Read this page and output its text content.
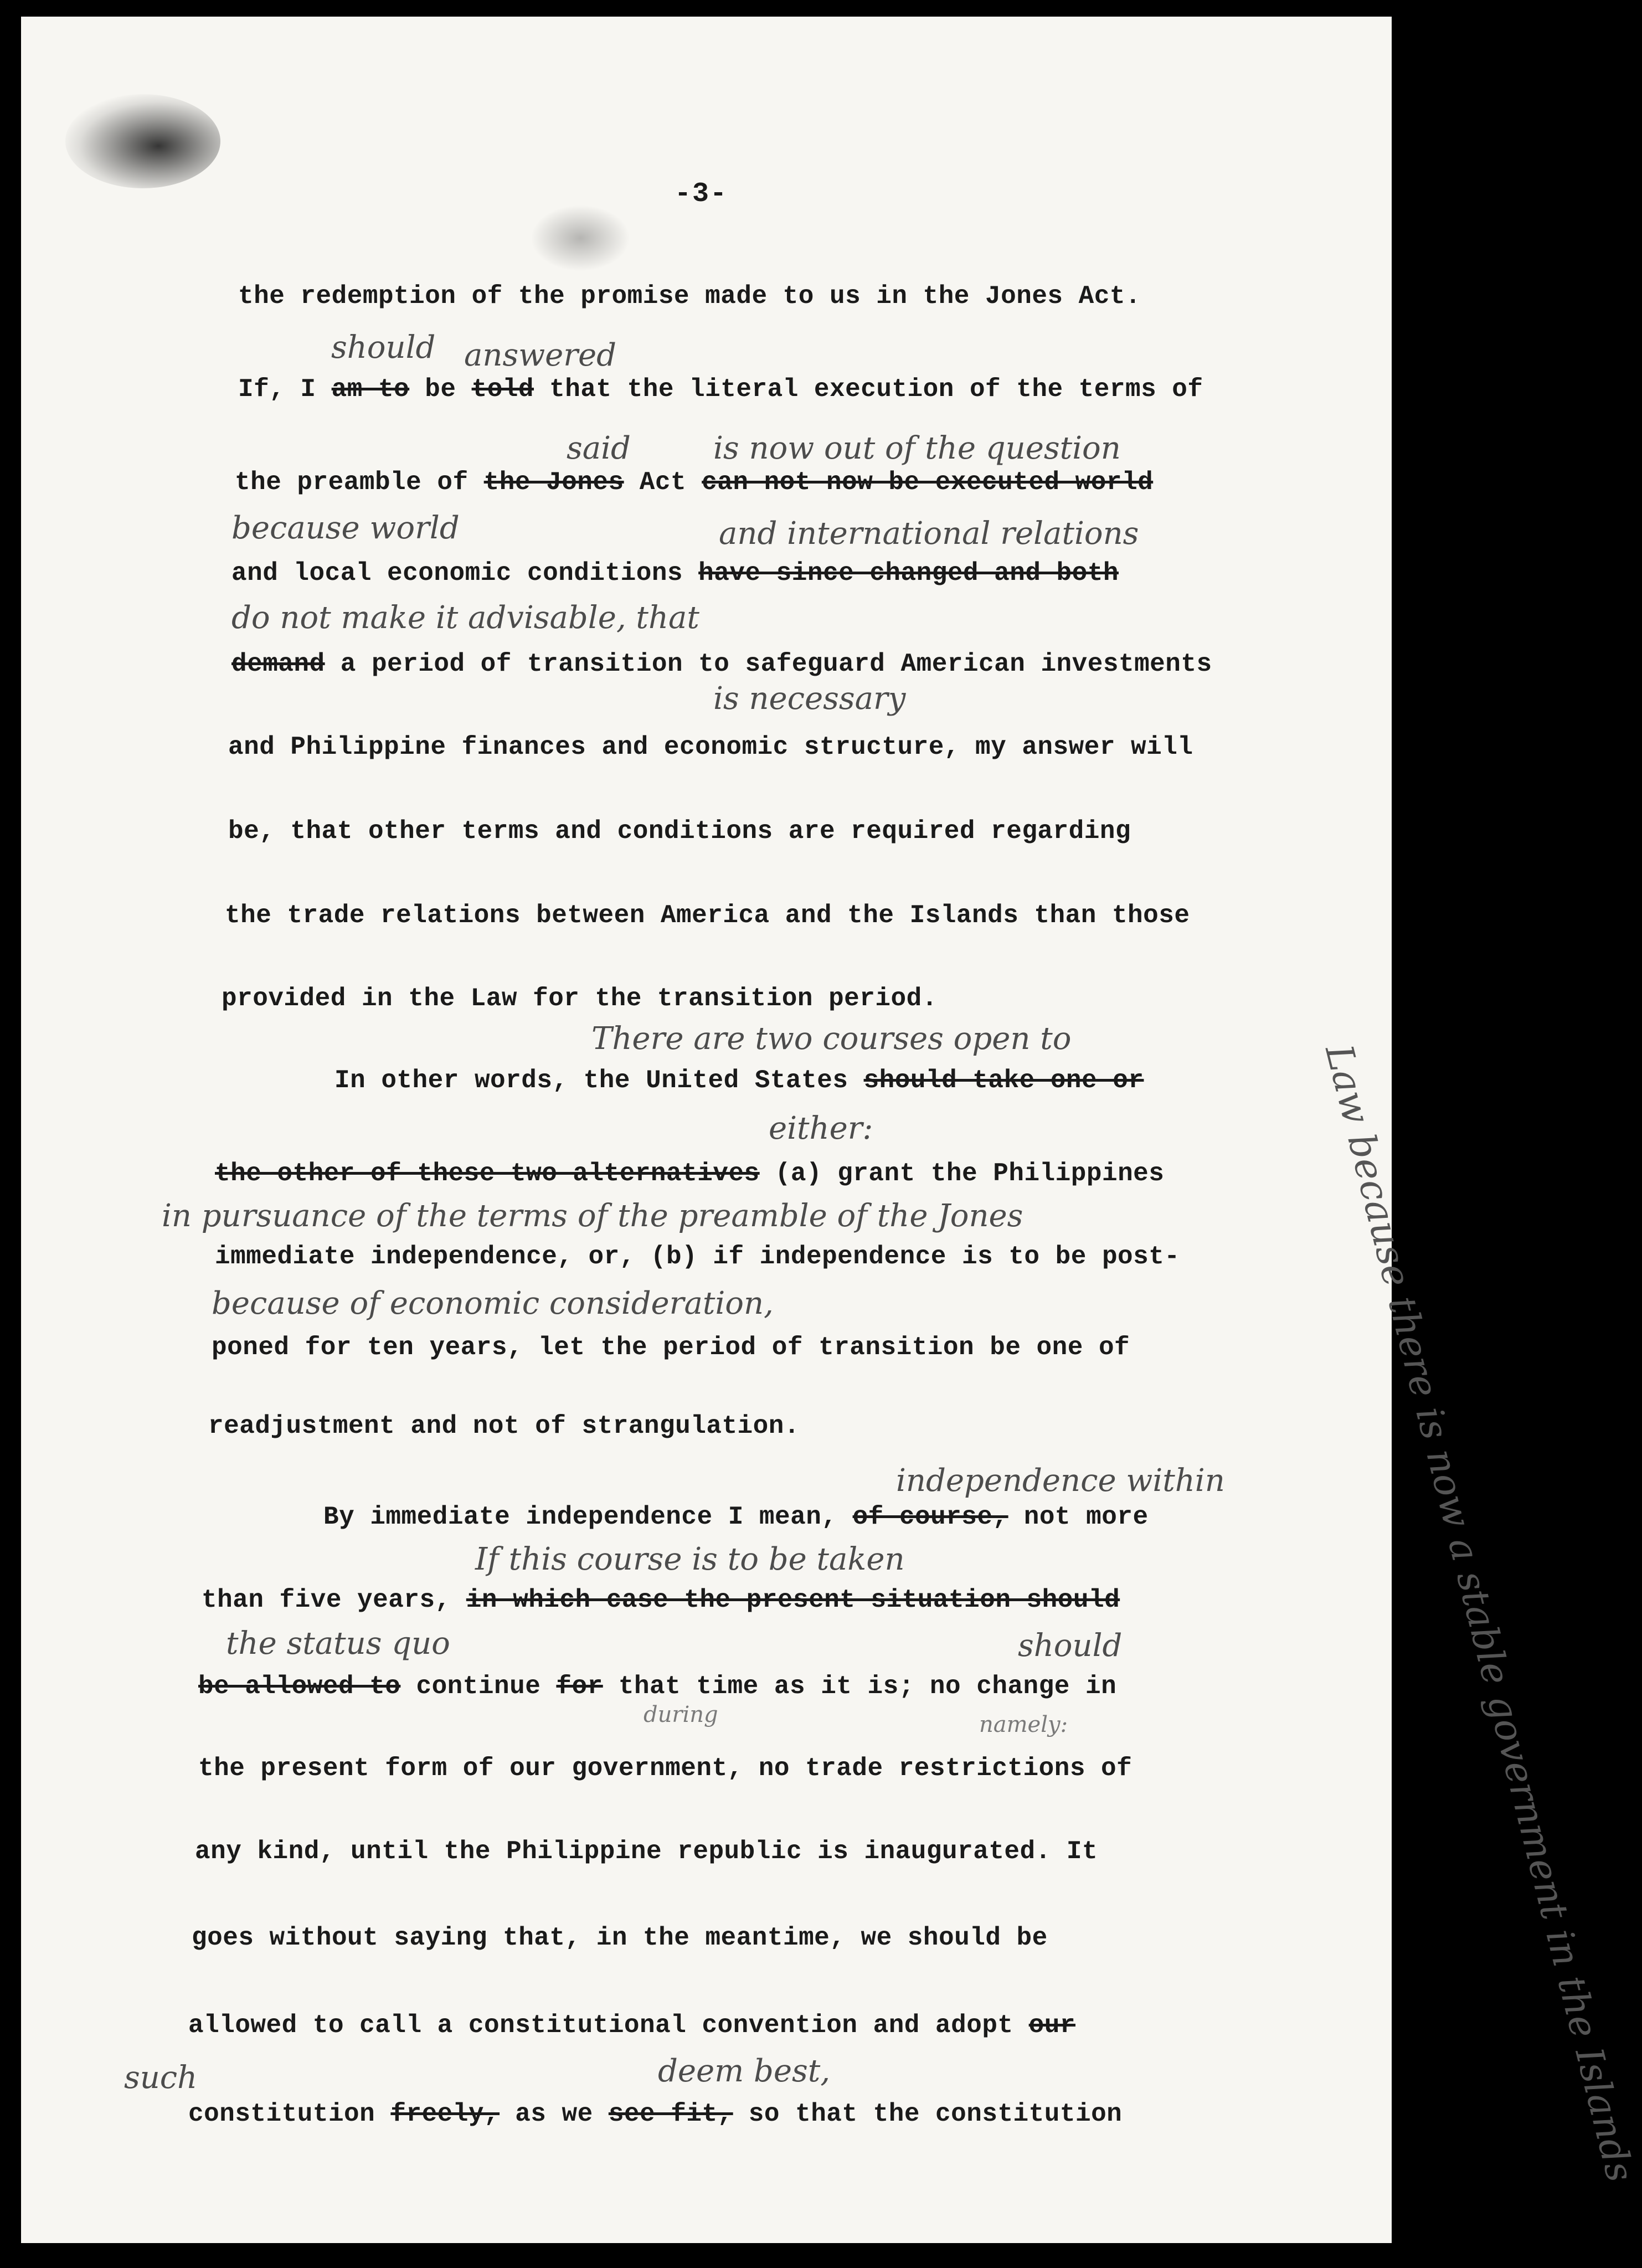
-3-
the redemption of the promise made to us in the Jones Act.
If, I am to be told that the literal execution of the terms of
the preamble of the Jones Act can not now be executed world
and local economic conditions have since changed and both
demand a period of transition to safeguard American investments
and Philippine finances and economic structure, my answer will
be, that other terms and conditions are required regarding
the trade relations between America and the Islands than those
provided in the Law for the transition period.
In other words, the United States should take one or
the other of these two alternatives (a) grant the Philippines
immediate independence, or, (b) if independence is to be post-
poned for ten years, let the period of transition be one of
readjustment and not of strangulation.
By immediate independence I mean, of course, not more
than five years, in which case the present situation should
be allowed to continue for that time as it is; no change in
the present form of our government, no trade restrictions of
any kind, until the Philippine republic is inaugurated. It
goes without saying that, in the meantime, we should be
allowed to call a constitutional convention and adopt our
constitution freely, as we see fit, so that the constitution
should answered
said	is now out of the question
because world	and international relations
do not make it advisable, that
is necessary
There are two courses open to
either:
in pursuance of the terms of the preamble of the Jones
because of economic consideration,
independence within
If this course is to be taken
the status quo	should
namely:
during
such	deem best,	Law because there is now a stable government in the Islands
